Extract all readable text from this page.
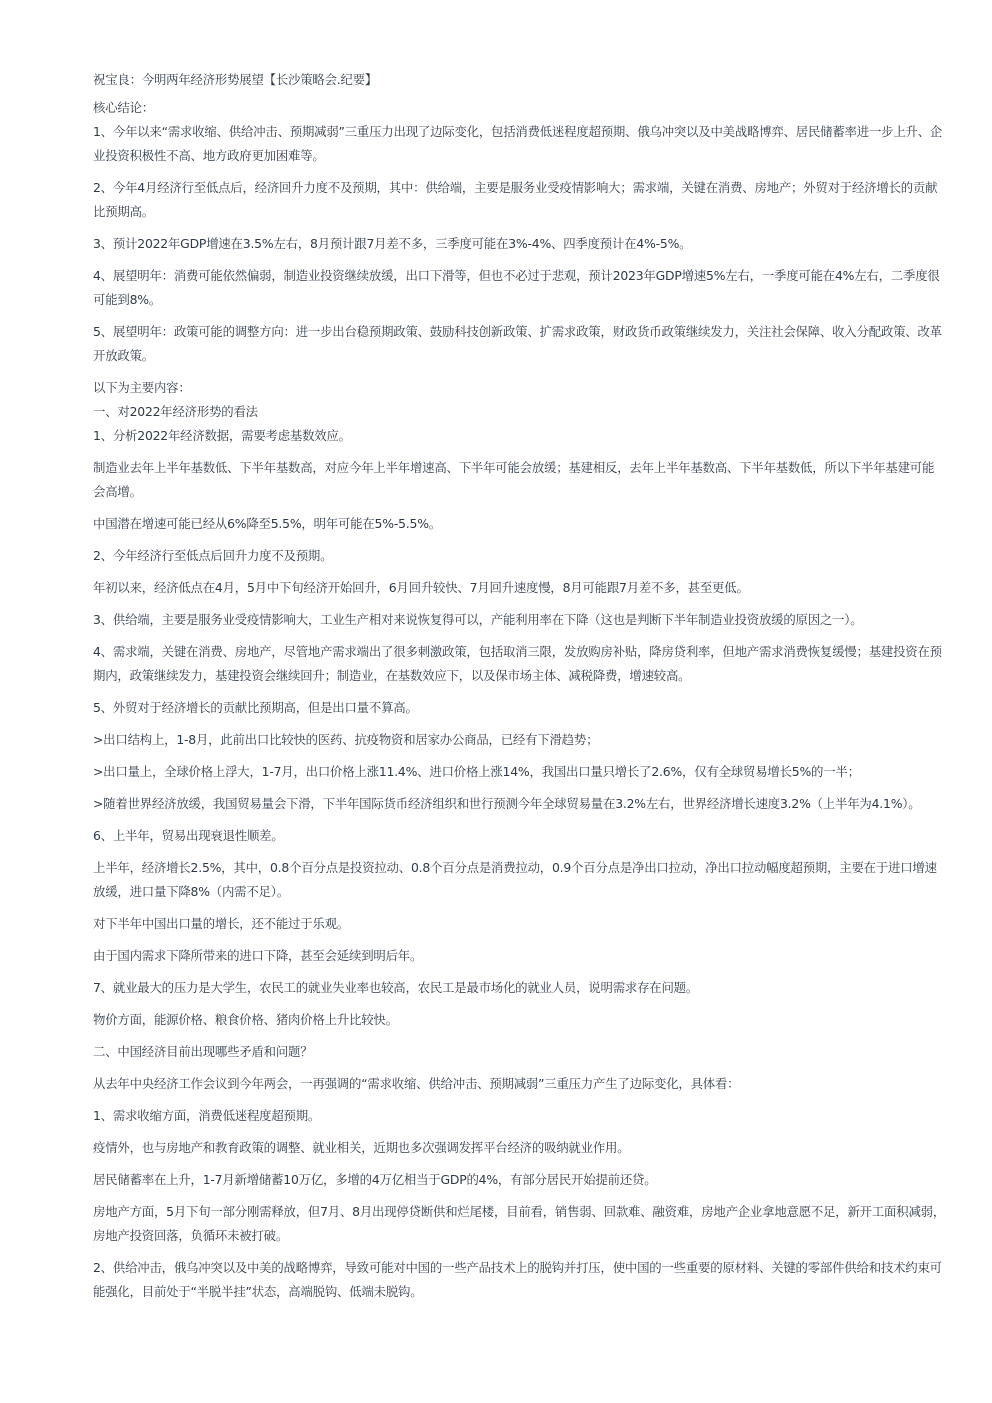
祝宝良：今明两年经济形势展望【长沙策略会.纪要】
核心结论：
1、今年以来“需求收缩、供给冲击、预期减弱”三重压力出现了边际变化，包括消费低迷程度超预期、俄乌冲突以及中美战略博弈、居民储蓄率进一步上升、企业投资积极性不高、地方政府更加困难等。
2、今年4月经济行至低点后，经济回升力度不及预期，其中：供给端，主要是服务业受疫情影响大；需求端，关键在消费、房地产；外贸对于经济增长的贡献比预期高。
3、预计2022年GDP增速在3.5%左右，8月预计跟7月差不多，三季度可能在3%-4%、四季度预计在4%-5%。
4、展望明年：消费可能依然偏弱，制造业投资继续放缓，出口下滑等，但也不必过于悲观，预计2023年GDP增速5%左右，一季度可能在4%左右，二季度很可能到8%。
5、展望明年：政策可能的调整方向：进一步出台稳预期政策、鼓励科技创新政策、扩需求政策，财政货币政策继续发力，关注社会保障、收入分配政策、改革开放政策。
以下为主要内容：
一、对2022年经济形势的看法
1、分析2022年经济数据，需要考虑基数效应。
制造业去年上半年基数低、下半年基数高，对应今年上半年增速高、下半年可能会放缓；基建相反，去年上半年基数高、下半年基数低，所以下半年基建可能会高增。
中国潜在增速可能已经从6%降至5.5%，明年可能在5%-5.5%。
2、今年经济行至低点后回升力度不及预期。
年初以来，经济低点在4月，5月中下旬经济开始回升，6月回升较快、7月回升速度慢，8月可能跟7月差不多，甚至更低。
3、供给端，主要是服务业受疫情影响大，工业生产相对来说恢复得可以，产能利用率在下降（这也是判断下半年制造业投资放缓的原因之一）。
4、需求端，关键在消费、房地产，尽管地产需求端出了很多刺激政策，包括取消三限，发放购房补贴，降房贷利率，但地产需求消费恢复缓慢；基建投资在预期内，政策继续发力，基建投资会继续回升；制造业，在基数效应下，以及保市场主体、减税降费，增速较高。
5、外贸对于经济增长的贡献比预期高，但是出口量不算高。
>出口结构上，1-8月，此前出口比较快的医药、抗疫物资和居家办公商品，已经有下滑趋势；
>出口量上，全球价格上浮大，1-7月，出口价格上涨11.4%、进口价格上涨14%，我国出口量只增长了2.6%，仅有全球贸易增长5%的一半；
>随着世界经济放缓，我国贸易量会下滑，下半年国际货币经济组织和世行预测今年全球贸易量在3.2%左右，世界经济增长速度3.2%（上半年为4.1%）。
6、上半年，贸易出现衰退性顺差。
上半年，经济增长2.5%，其中，0.8个百分点是投资拉动、0.8个百分点是消费拉动，0.9个百分点是净出口拉动，净出口拉动幅度超预期，主要在于进口增速放缓，进口量下降8%（内需不足）。
对下半年中国出口量的增长，还不能过于乐观。
由于国内需求下降所带来的进口下降，甚至会延续到明后年。
7、就业最大的压力是大学生，农民工的就业失业率也较高，农民工是最市场化的就业人员，说明需求存在问题。
物价方面，能源价格、粮食价格、猪肉价格上升比较快。
二、中国经济目前出现哪些矛盾和问题？
从去年中央经济工作会议到今年两会，一再强调的“需求收缩、供给冲击、预期减弱”三重压力产生了边际变化，具体看：
1、需求收缩方面，消费低迷程度超预期。
疫情外，也与房地产和教育政策的调整、就业相关，近期也多次强调发挥平台经济的吸纳就业作用。
居民储蓄率在上升，1-7月新增储蓄10万亿，多增的4万亿相当于GDP的4%，有部分居民开始提前还贷。
房地产方面，5月下旬一部分刚需释放，但7月、8月出现停贷断供和烂尾楼，目前看，销售弱、回款难、融资难，房地产企业拿地意愿不足，新开工面积减弱，房地产投资回落，负循环未被打破。
2、供给冲击，俄乌冲突以及中美的战略博弈，导致可能对中国的一些产品技术上的脱钩并打压，使中国的一些重要的原材料、关键的零部件供给和技术约束可能强化，目前处于“半脱半挂”状态，高端脱钩、低端未脱钩。
